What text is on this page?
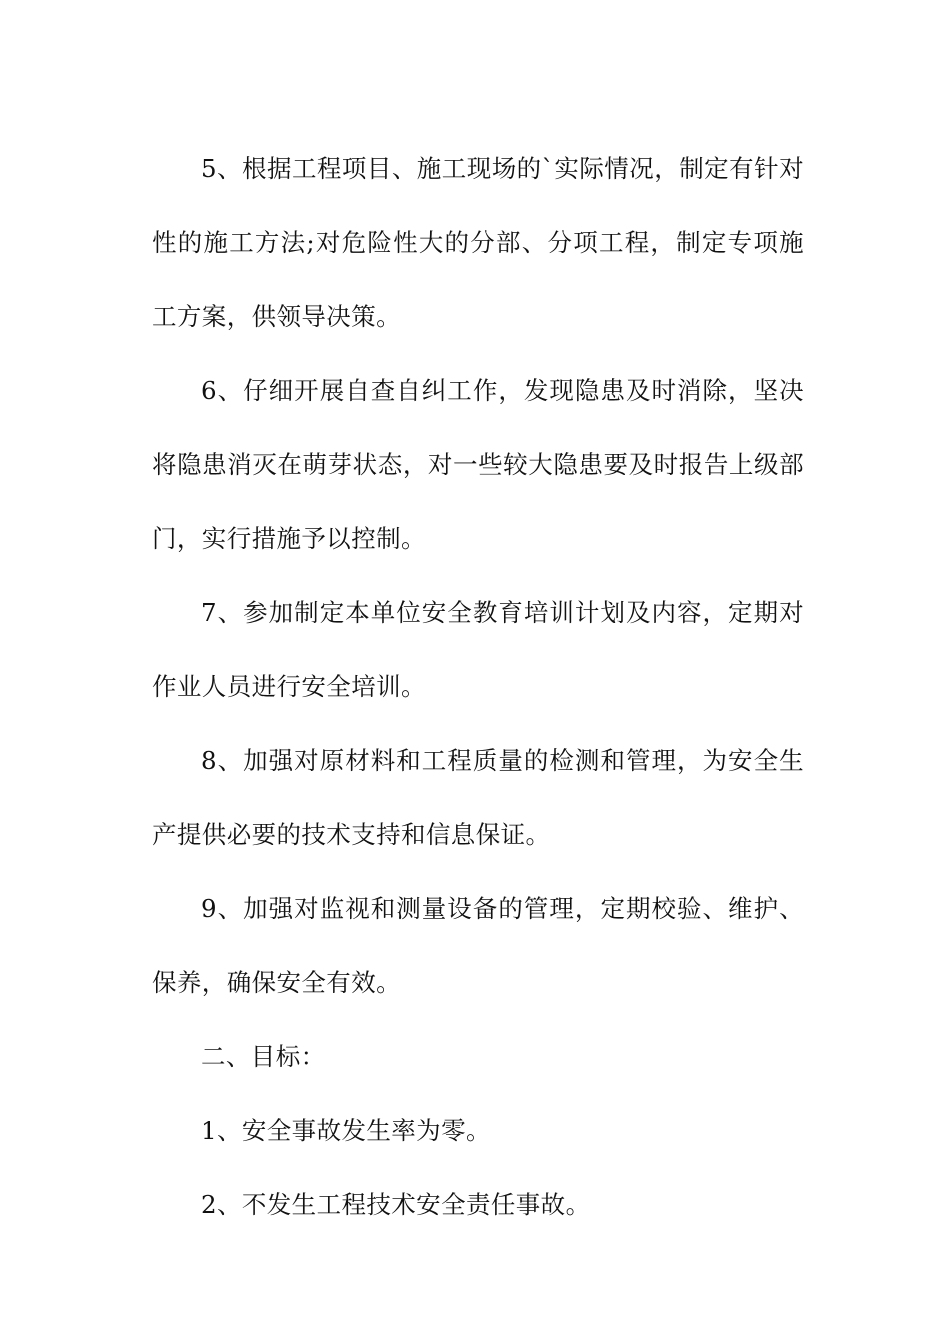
5、根据工程项目、施工现场的`实际情况，制定有针对性的施工方法;对危险性大的分部、分项工程，制定专项施工方案，供领导决策。

6、仔细开展自查自纠工作，发现隐患及时消除，坚决将隐患消灭在萌芽状态，对一些较大隐患要及时报告上级部门，实行措施予以控制。

7、参加制定本单位安全教育培训计划及内容，定期对作业人员进行安全培训。

8、加强对原材料和工程质量的检测和管理，为安全生产提供必要的技术支持和信息保证。

9、加强对监视和测量设备的管理，定期校验、维护、保养，确保安全有效。

二、目标：

1、安全事故发生率为零。

2、不发生工程技术安全责任事故。
